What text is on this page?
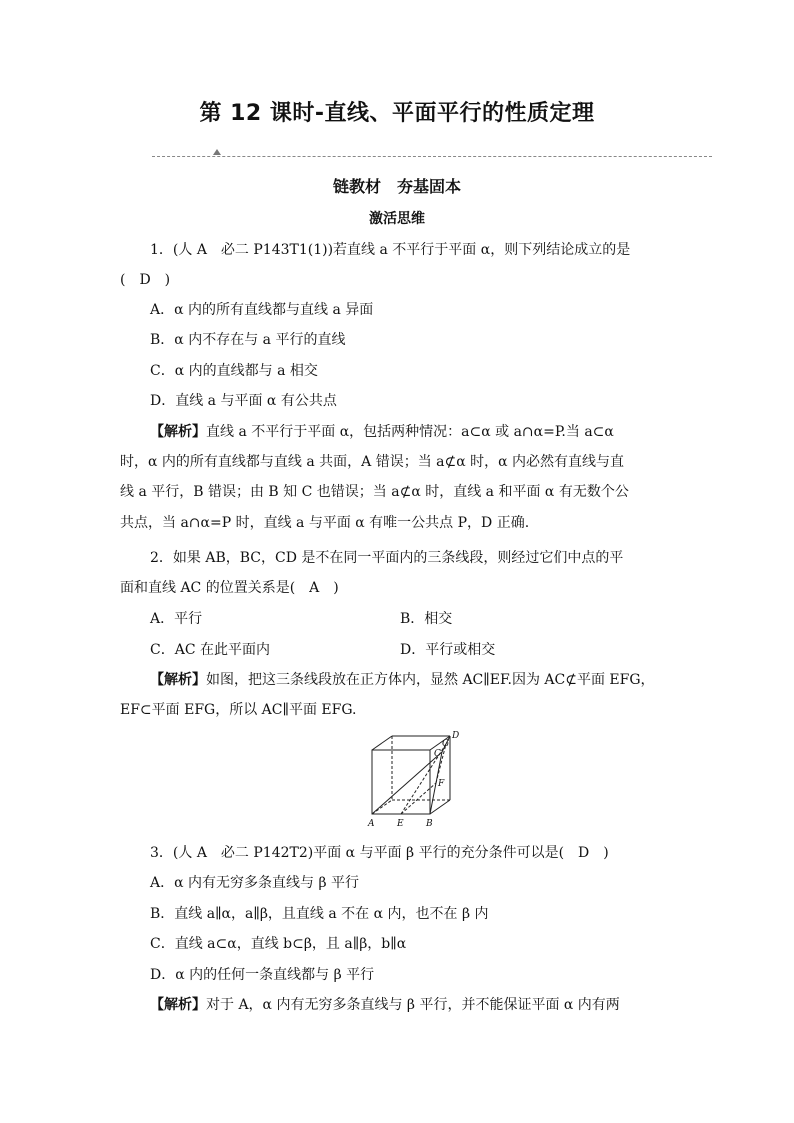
第 12 课时-直线、平面平行的性质定理
链教材　夯基固本
激活思维
1．(人 A　必二 P143T1(1))若直线 a 不平行于平面 α，则下列结论成立的是
(　D　)
A．α 内的所有直线都与直线 a 异面
B．α 内不存在与 a 平行的直线
C．α 内的直线都与 a 相交
D．直线 a 与平面 α 有公共点
【解析】直线 a 不平行于平面 α，包括两种情况：a⊂α 或 a∩α=P.当 a⊂α
时，α 内的所有直线都与直线 a 共面，A 错误；当 a⊄α 时，α 内必然有直线与直
线 a 平行，B 错误；由 B 知 C 也错误；当 a⊄α 时，直线 a 和平面 α 有无数个公
共点，当 a∩α=P 时，直线 a 与平面 α 有唯一公共点 P，D 正确.
2．如果 AB，BC，CD 是不在同一平面内的三条线段，则经过它们中点的平
面和直线 AC 的位置关系是(　A　)
A．平行	B．相交
C．AC 在此平面内	D．平行或相交
【解析】如图，把这三条线段放在正方体内，显然 AC∥EF.因为 AC⊄平面 EFG，
EF⊂平面 EFG，所以 AC∥平面 EFG.
D
G
C
F
A	E B
3．(人 A　必二 P142T2)平面 α 与平面 β 平行的充分条件可以是(　D　)
A．α 内有无穷多条直线与 β 平行
B．直线 a∥α，a∥β，且直线 a 不在 α 内，也不在 β 内
C．直线 a⊂α，直线 b⊂β，且 a∥β，b∥α
D．α 内的任何一条直线都与 β 平行
【解析】对于 A，α 内有无穷多条直线与 β 平行，并不能保证平面 α 内有两
